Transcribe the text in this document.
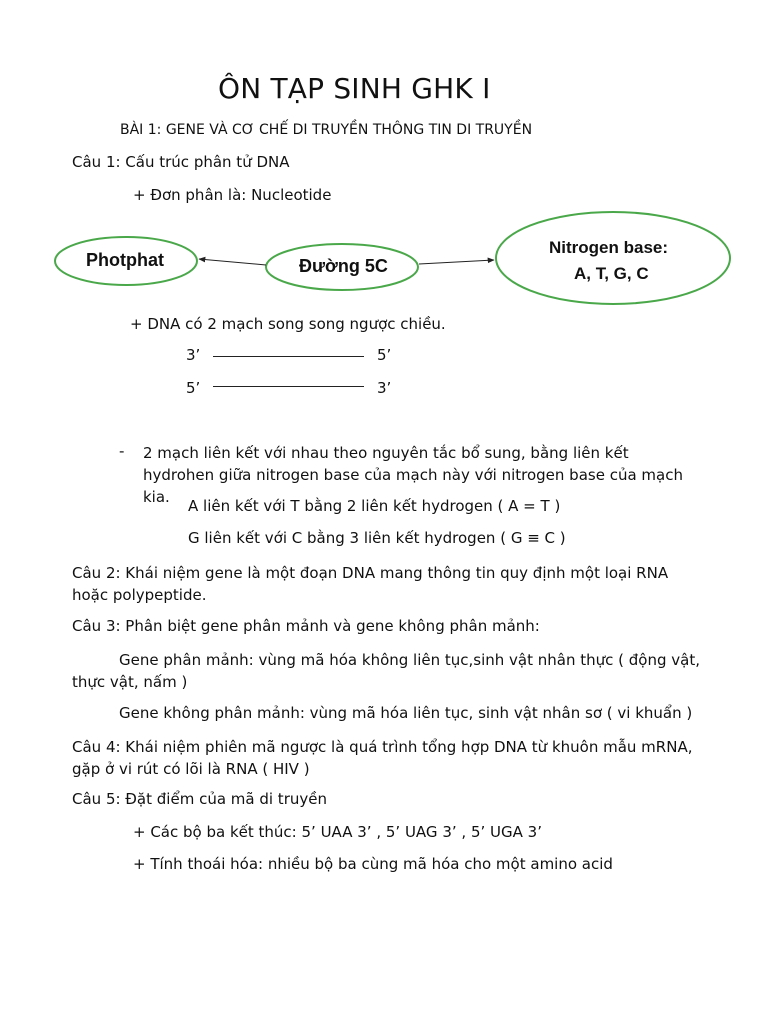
ÔN TẠP SINH GHK I
BÀI 1: GENE VÀ CƠ CHẾ DI TRUYỀN THÔNG TIN DI TRUYỀN
Câu 1: Cấu trúc phân tử DNA
+ Đơn phân là: Nucleotide
Photphat	Đường 5C
Nitrogen base:
A, T, G, C
+ DNA có 2 mạch song song ngược chiều.
3’	5’
5’	3’
- 2 mạch liên kết với nhau theo nguyên tắc bổ sung, bằng liên kết hydrohen giữa nitrogen base của mạch này với nitrogen base của mạch kia.	A liên kết với T bằng 2 liên kết hydrogen ( A = T )
G liên kết với C bằng 3 liên kết hydrogen ( G ≡ C )
Câu 2: Khái niệm gene là một đoạn DNA mang thông tin quy định một loại RNA hoặc polypeptide.
Câu 3: Phân biệt gene phân mảnh và gene không phân mảnh:
Gene phân mảnh: vùng mã hóa không liên tục,sinh vật nhân thực ( động vật, thực vật, nấm )
Gene không phân mảnh: vùng mã hóa liên tục, sinh vật nhân sơ ( vi khuẩn )
Câu 4: Khái niệm phiên mã ngược là quá trình tổng hợp DNA từ khuôn mẫu mRNA, gặp ở vi rút có lõi là RNA ( HIV )
Câu 5: Đặt điểm của mã di truyền
+ Các bộ ba kết thúc: 5’ UAA 3’ , 5’ UAG 3’ , 5’ UGA 3’
+ Tính thoái hóa: nhiều bộ ba cùng mã hóa cho một amino acid
